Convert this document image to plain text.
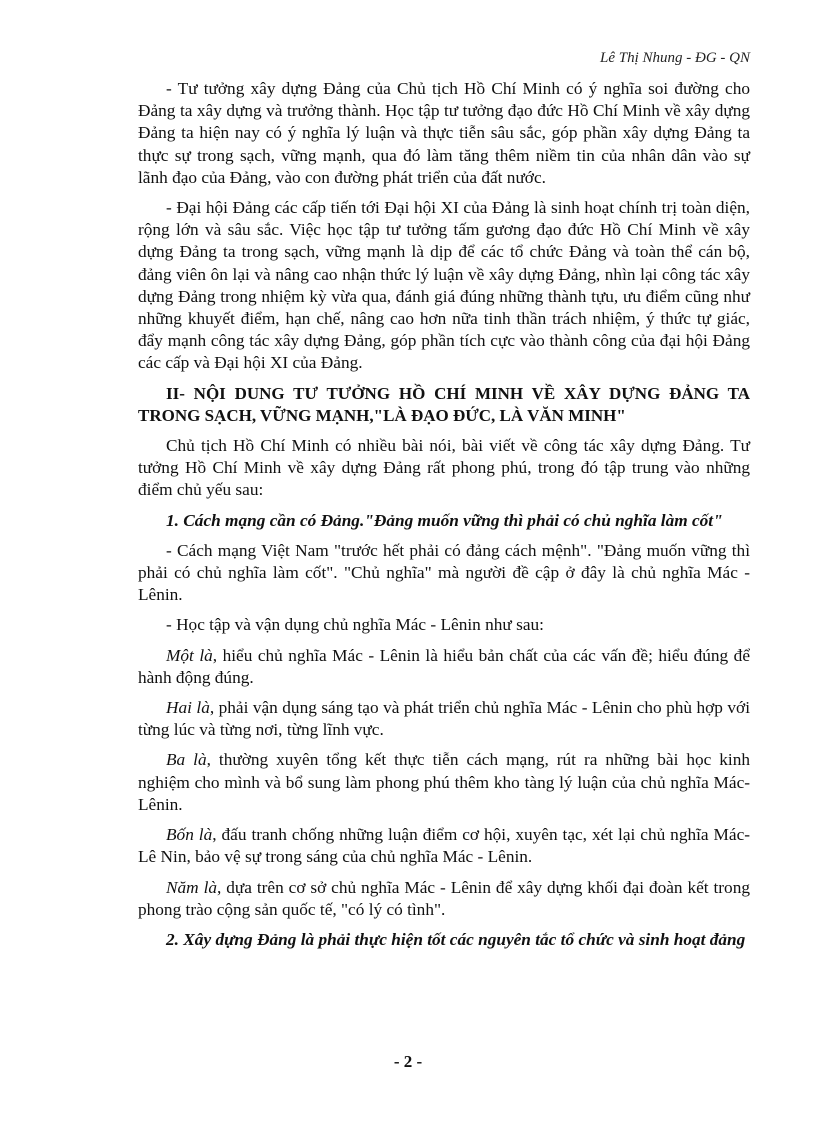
Lê Thị Nhung - ĐG - QN

- Tư tưởng xây dựng Đảng của Chủ tịch Hồ Chí Minh có ý nghĩa soi đường cho Đảng ta xây dựng và trưởng thành. Học tập tư tưởng đạo đức Hồ Chí Minh về xây dựng Đảng ta hiện nay có ý nghĩa lý luận và thực tiễn sâu sắc, góp phần xây dựng Đảng ta thực sự trong sạch, vững mạnh, qua đó làm tăng thêm niềm tin của nhân dân vào sự lãnh đạo của Đảng, vào con đường phát triển của đất nước.

- Đại hội Đảng các cấp tiến tới Đại hội XI của Đảng là sinh hoạt chính trị toàn diện, rộng lớn và sâu sắc. Việc học tập tư tưởng tấm gương đạo đức Hồ Chí Minh về xây dựng Đảng ta trong sạch, vững mạnh là dịp để các tổ chức Đảng và toàn thể cán bộ, đảng viên ôn lại và nâng cao nhận thức lý luận về xây dựng Đảng, nhìn lại công tác xây dựng Đảng trong nhiệm kỳ vừa qua, đánh giá đúng những thành tựu, ưu điểm cũng như những khuyết điểm, hạn chế, nâng cao hơn nữa tinh thần trách nhiệm, ý thức tự giác, đẩy mạnh công tác xây dựng Đảng, góp phần tích cực vào thành công của đại hội Đảng các cấp và Đại hội XI của Đảng.

II- NỘI DUNG TƯ TƯỞNG HỒ CHÍ MINH VỀ XÂY DỰNG ĐẢNG TA TRONG SẠCH, VỮNG MẠNH,"LÀ ĐẠO ĐỨC, LÀ VĂN MINH"

Chủ tịch Hồ Chí Minh có nhiều bài nói, bài viết về công tác xây dựng Đảng. Tư tưởng Hồ Chí Minh về xây dựng Đảng rất phong phú, trong đó tập trung vào những điểm chủ yếu sau:

1. Cách mạng cần có Đảng."Đảng muốn vững thì phải có chủ nghĩa làm cốt"

- Cách mạng Việt Nam "trước hết phải có đảng cách mệnh". "Đảng muốn vững thì phải có chủ nghĩa làm cốt". "Chủ nghĩa" mà người đề cập ở đây là chủ nghĩa Mác - Lênin.

- Học tập và vận dụng chủ nghĩa Mác - Lênin như sau:

Một là, hiểu chủ nghĩa Mác - Lênin là hiểu bản chất của các vấn đề; hiểu đúng để hành động đúng.

Hai là, phải vận dụng sáng tạo và phát triển chủ nghĩa Mác - Lênin cho phù hợp với từng lúc và từng nơi, từng lĩnh vực.

Ba là, thường xuyên tổng kết thực tiễn cách mạng, rút ra những bài học kinh nghiệm cho mình và bổ sung làm phong phú thêm kho tàng lý luận của chủ nghĩa Mác- Lênin.

Bốn là, đấu tranh chống những luận điểm cơ hội, xuyên tạc, xét lại chủ nghĩa Mác- Lê Nin, bảo vệ sự trong sáng của chủ nghĩa Mác - Lênin.

Năm là, dựa trên cơ sở chủ nghĩa Mác - Lênin để xây dựng khối đại đoàn kết trong phong trào cộng sản quốc tế, "có lý có tình".

2. Xây dựng Đảng là phải thực hiện tốt các nguyên tắc tổ chức và sinh hoạt đảng

- 2 -
